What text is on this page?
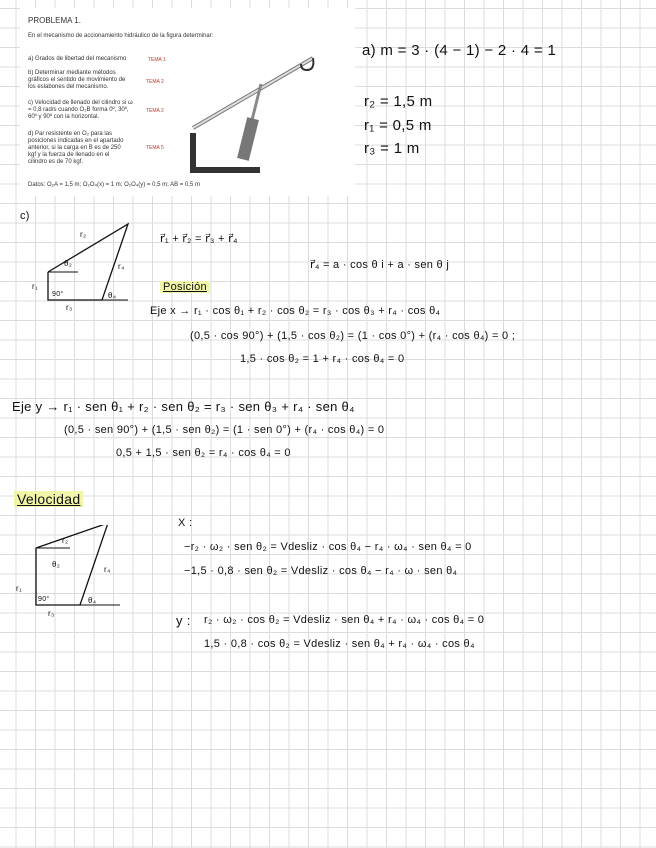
PROBLEMA 1.
En el mecanismo de accionamiento hidráulico de la figura determinar:
a) Grados de libertad del mecanismo	TEMA 1
b) Determinar mediante métodos gráficos el sentido de movimiento de los eslabones del mecanismo.
TEMA 2
c) Velocidad de llenado del cilindro si ω = 0,8 rad/s cuando O₂B forma 0º, 30º, 60º y 90º con la horizontal.
TEMA 2
d) Par resistente en O₂ para las posiciones indicadas en el apartado anterior, si la carga en B es de 250 kgf y la fuerza de llenado en el cilindro es de 70 kgf.
TEMA 5
Datos: O₂A = 1,5 m; O₂O₄(x) = 1 m; O₂O₄(y) = 0,5 m; AB = 0,5 m
a) m = 3 · (4 − 1) − 2 · 4 = 1
r₂ = 1,5 m
r₁ = 0,5 m
r₃ = 1 m
c)
r₂
r₄
r₁
r₃
θ₂
θ₄
90°
r⃗₁ + r⃗₂ = r⃗₃ + r⃗₄
r⃗₄ = a · cos θ i + a · sen θ j
Posición
Eje x → r₁ · cos θ₁ + r₂ · cos θ₂ = r₃ · cos θ₃ + r₄ · cos θ₄
(0,5 · cos 90°) + (1,5 · cos θ₂) = (1 · cos 0°) + (r₄ · cos θ₄) = 0 ;
1,5 · cos θ₂ = 1 + r₄ · cos θ₄ = 0
Eje y → r₁ · sen θ₁ + r₂ · sen θ₂ = r₃ · sen θ₃ + r₄ · sen θ₄
(0,5 · sen 90°) + (1,5 · sen θ₂) = (1 · sen 0°) + (r₄ · cos θ₄) = 0
0,5 + 1,5 · sen θ₂ = r₄ · cos θ₄ = 0
Velocidad
r₂
r₄
r₁
r₃
θ₂
θ₄
90°
X :
−r₂ · ω₂ · sen θ₂ = Vdesliz · cos θ₄ − r₄ · ω₄ · sen θ₄ = 0
−1,5 · 0,8 · sen θ₂ = Vdesliz · cos θ₄ − r₄ · ω · sen θ₄
y : r₂ · ω₂ · cos θ₂ = Vdesliz · sen θ₄ + r₄ · ω₄ · cos θ₄ = 0
1,5 · 0,8 · cos θ₂ = Vdesliz · sen θ₄ + r₄ · ω₄ · cos θ₄
